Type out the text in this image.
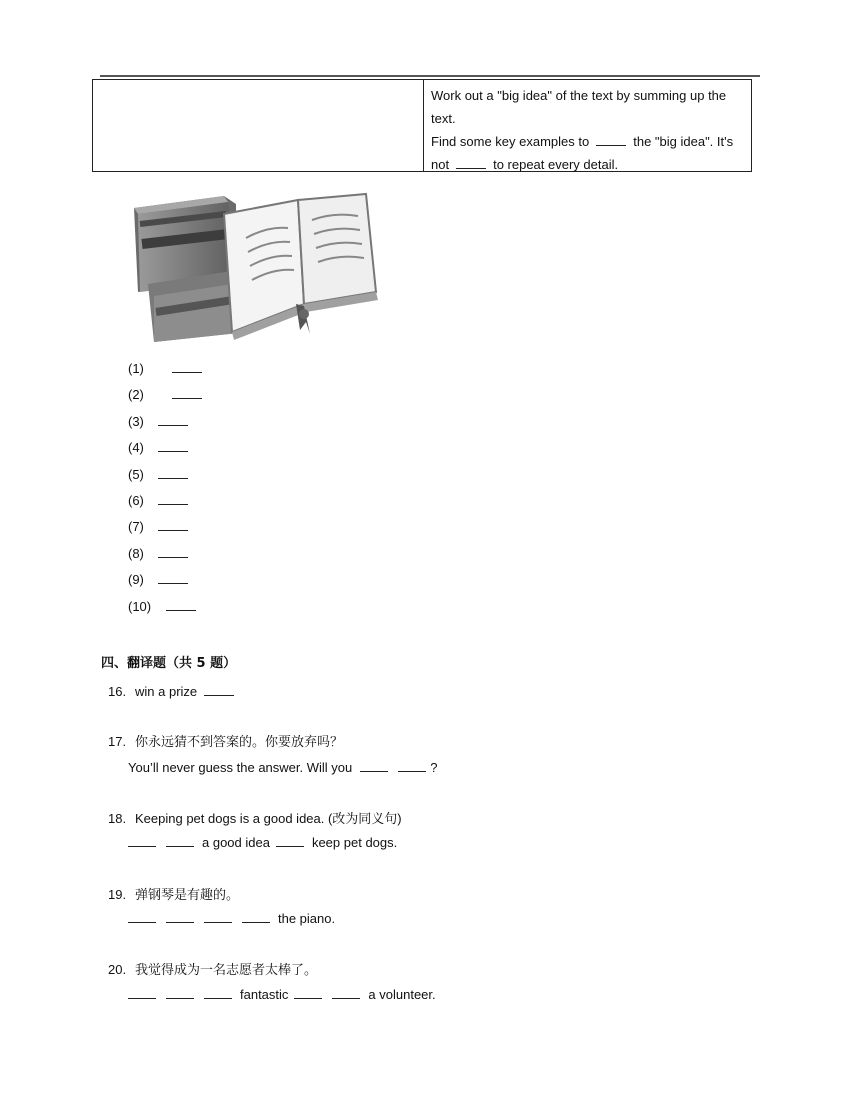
Work out a "big idea" of the text by summing up the
text.
Find some key examples to	the "big idea". It's
not	to repeat every detail.
(1)
(2)
(3)
(4)
(5)
(6)
(7)
(8)
(9)
(10)
四、翻译题（共 5 题）
16. win a prize
17. 你永远猜不到答案的。你要放弃吗？
You’ll never guess the answer. Will you	?
18. Keeping pet dogs is a good idea. (改为同义句)
a good idea	keep pet dogs.
19. 弹钢琴是有趣的。
the piano.
20. 我觉得成为一名志愿者太棒了。
fantastic	a volunteer.
